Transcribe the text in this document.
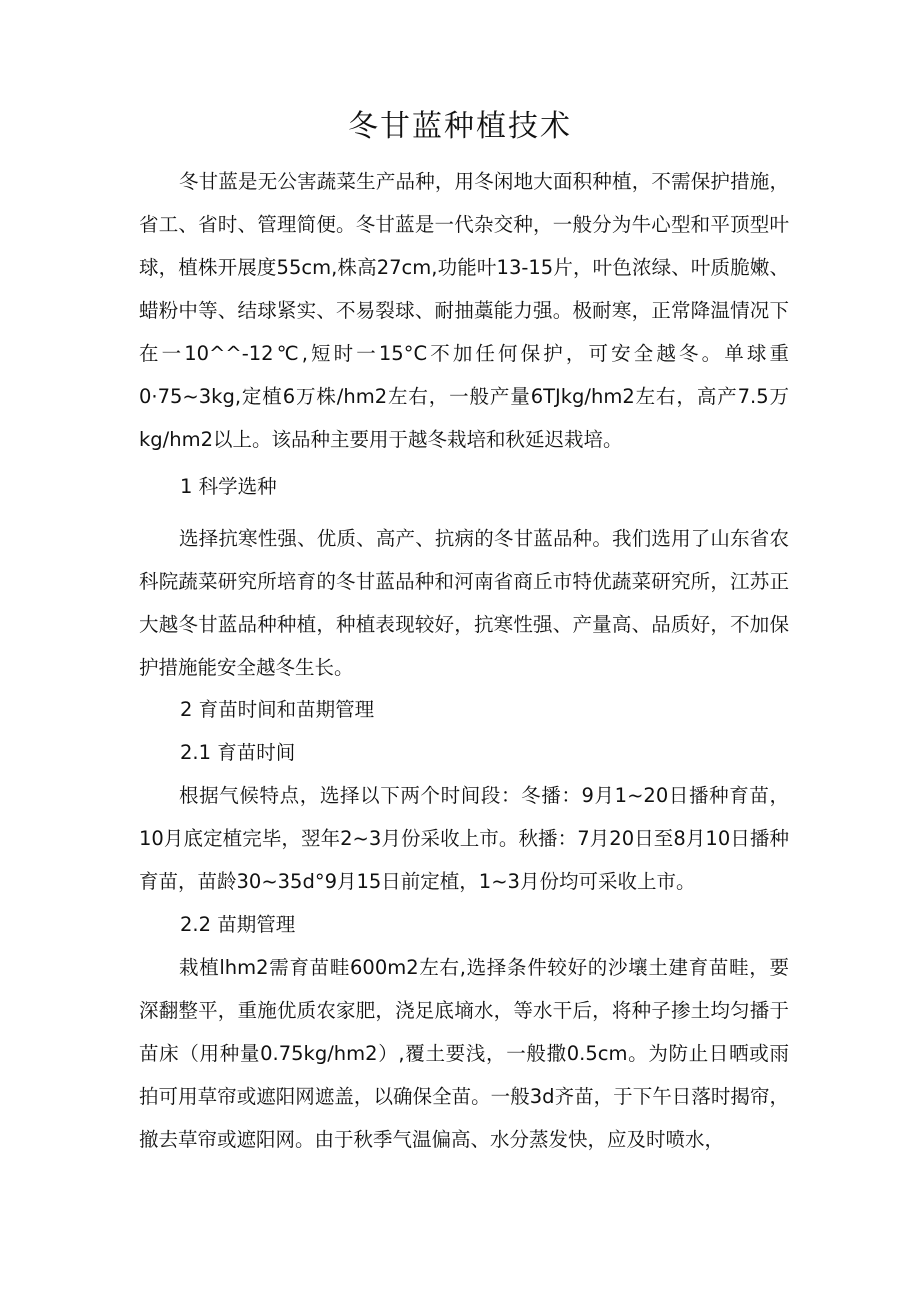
冬甘蓝种植技术

冬甘蓝是无公害蔬菜生产品种，用冬闲地大面积种植，不需保护措施，省工、省时、管理简便。冬甘蓝是一代杂交种，一般分为牛心型和平顶型叶球，植株开展度55cm,株高27cm,功能叶13-15片，叶色浓绿、叶质脆嫩、蜡粉中等、结球紧实、不易裂球、耐抽藁能力强。极耐寒，正常降温情况下在一10^^-12℃,短时一15°C不加任何保护，可安全越冬。单球重0·75~3kg,定植6万株/hm2左右，一般产量6TJkg/hm2左右，高产7.5万kg/hm2以上。该品种主要用于越冬栽培和秋延迟栽培。

1 科学选种

选择抗寒性强、优质、高产、抗病的冬甘蓝品种。我们选用了山东省农科院蔬菜研究所培育的冬甘蓝品种和河南省商丘市特优蔬菜研究所，江苏正大越冬甘蓝品种种植，种植表现较好，抗寒性强、产量高、品质好，不加保护措施能安全越冬生长。

2 育苗时间和苗期管理
2.1 育苗时间

根据气候特点，选择以下两个时间段：冬播：9月1~20日播种育苗，10月底定植完毕，翌年2~3月份采收上市。秋播：7月20日至8月10日播种育苗，苗龄30~35d°9月15日前定植，1~3月份均可采收上市。

2.2 苗期管理

栽植lhm2需育苗畦600m2左右,选择条件较好的沙壤土建育苗畦，要深翻整平，重施优质农家肥，浇足底墒水，等水干后，将种子掺土均匀播于苗床（用种量0.75kg/hm2）,覆土要浅，一般撒0.5cm。为防止日晒或雨拍可用草帘或遮阳网遮盖，以确保全苗。一般3d齐苗，于下午日落时揭帘，撤去草帘或遮阳网。由于秋季气温偏高、水分蒸发快，应及时喷水，
